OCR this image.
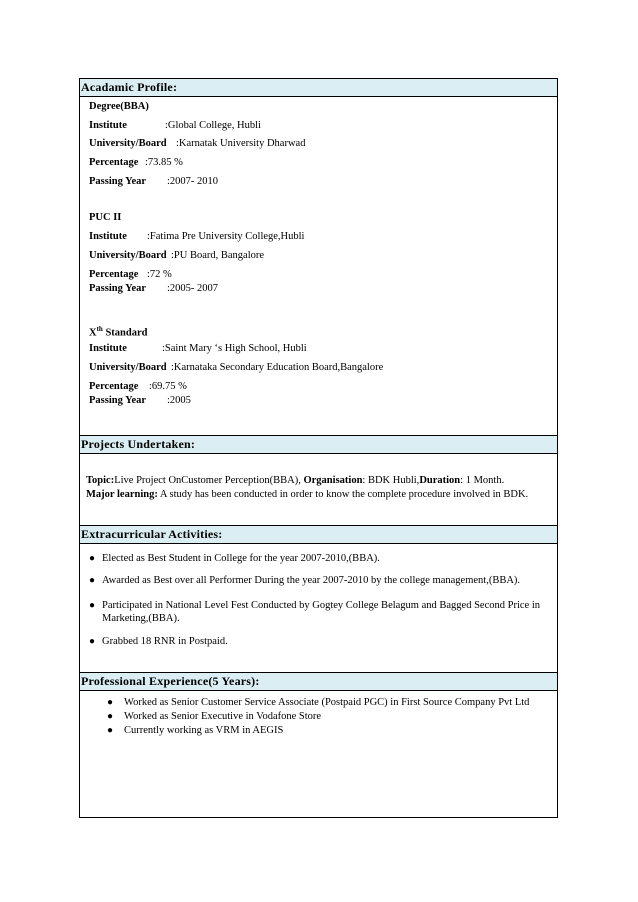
Acadamic Profile:
Degree(BBA)
Institute	:Global College, Hubli
University/Board :Karnatak University Dharwad
Percentage :73.85 %
Passing Year :2007- 2010
PUC II
Institute :Fatima Pre University College,Hubli
University/Board :PU Board, Bangalore
Percentage :72 %
Passing Year :2005- 2007
Xth Standard
Institute	:Saint Mary ‘s High School, Hubli
University/Board :Karnataka Secondary Education Board,Bangalore
Percentage :69.75 %
Passing Year :2005
Projects Undertaken:
Topic:Live Project OnCustomer Perception(BBA), Organisation: BDK Hubli,Duration: 1 Month.
Major learning: A study has been conducted in order to know the complete procedure involved in BDK.
Extracurricular Activities:
● Elected as Best Student in College for the year 2007-2010,(BBA).
● Awarded as Best over all Performer During the year 2007-2010 by the college management,(BBA).
● Participated in National Level Fest Conducted by Gogtey College Belagum and Bagged Second Price in
Marketing,(BBA).
● Grabbed 18 RNR in Postpaid.
Professional Experience(5 Years):
● Worked as Senior Customer Service Associate (Postpaid PGC) in First Source Company Pvt Ltd
● Worked as Senior Executive in Vodafone Store
● Currently working as VRM in AEGIS
